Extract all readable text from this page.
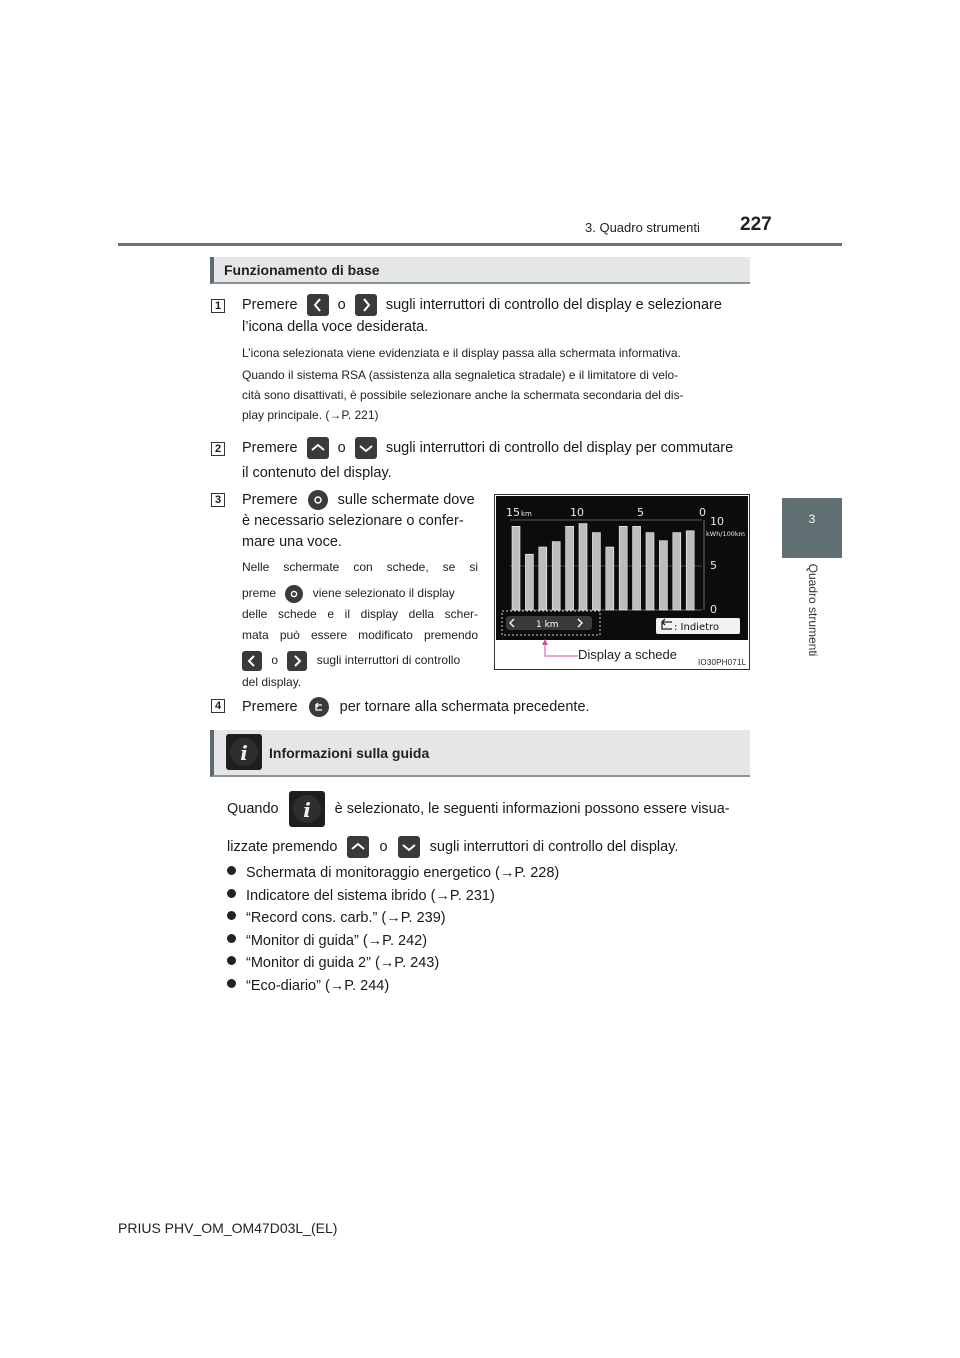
3. Quadro strumenti 227
3
Quadro strumenti
Funzionamento di base
1 Premere	o	sugli interruttori di controllo del display e selezionare
l’icona della voce desiderata.
L’icona selezionata viene evidenziata e il display passa alla schermata informativa.
Quando il sistema RSA (assistenza alla segnaletica stradale) e il limitatore di velo-
cità sono disattivati, è possibile selezionare anche la schermata secondaria del dis-
play principale. (→P. 221)
2 Premere	o	sugli interruttori di controllo del display per commutare
il contenuto del display.
3 Premere	sulle schermate dove
è necessario selezionare o confer-
mare una voce.
Nelle schermate con schede, se si
preme	viene selezionato il display
delle schede e il display della scher-
mata può essere modificato premendo
o	sugli interruttori di controllo
del display.
15 km	10	5	0
10
kWh/100km
5
0
1 km	: Indietro
Display a schede
IO30PH071L
4 Premere	per tornare alla schermata precedente.
i Informazioni sulla guida
Quando i è selezionato, le seguenti informazioni possono essere visua-
lizzate premendo	o	sugli interruttori di controllo del display.
Schermata di monitoraggio energetico (→P. 228)
Indicatore del sistema ibrido (→P. 231)
“Record cons. carb.” (→P. 239)
“Monitor di guida” (→P. 242)
“Monitor di guida 2” (→P. 243)
“Eco-diario” (→P. 244)
PRIUS PHV_OM_OM47D03L_(EL)
